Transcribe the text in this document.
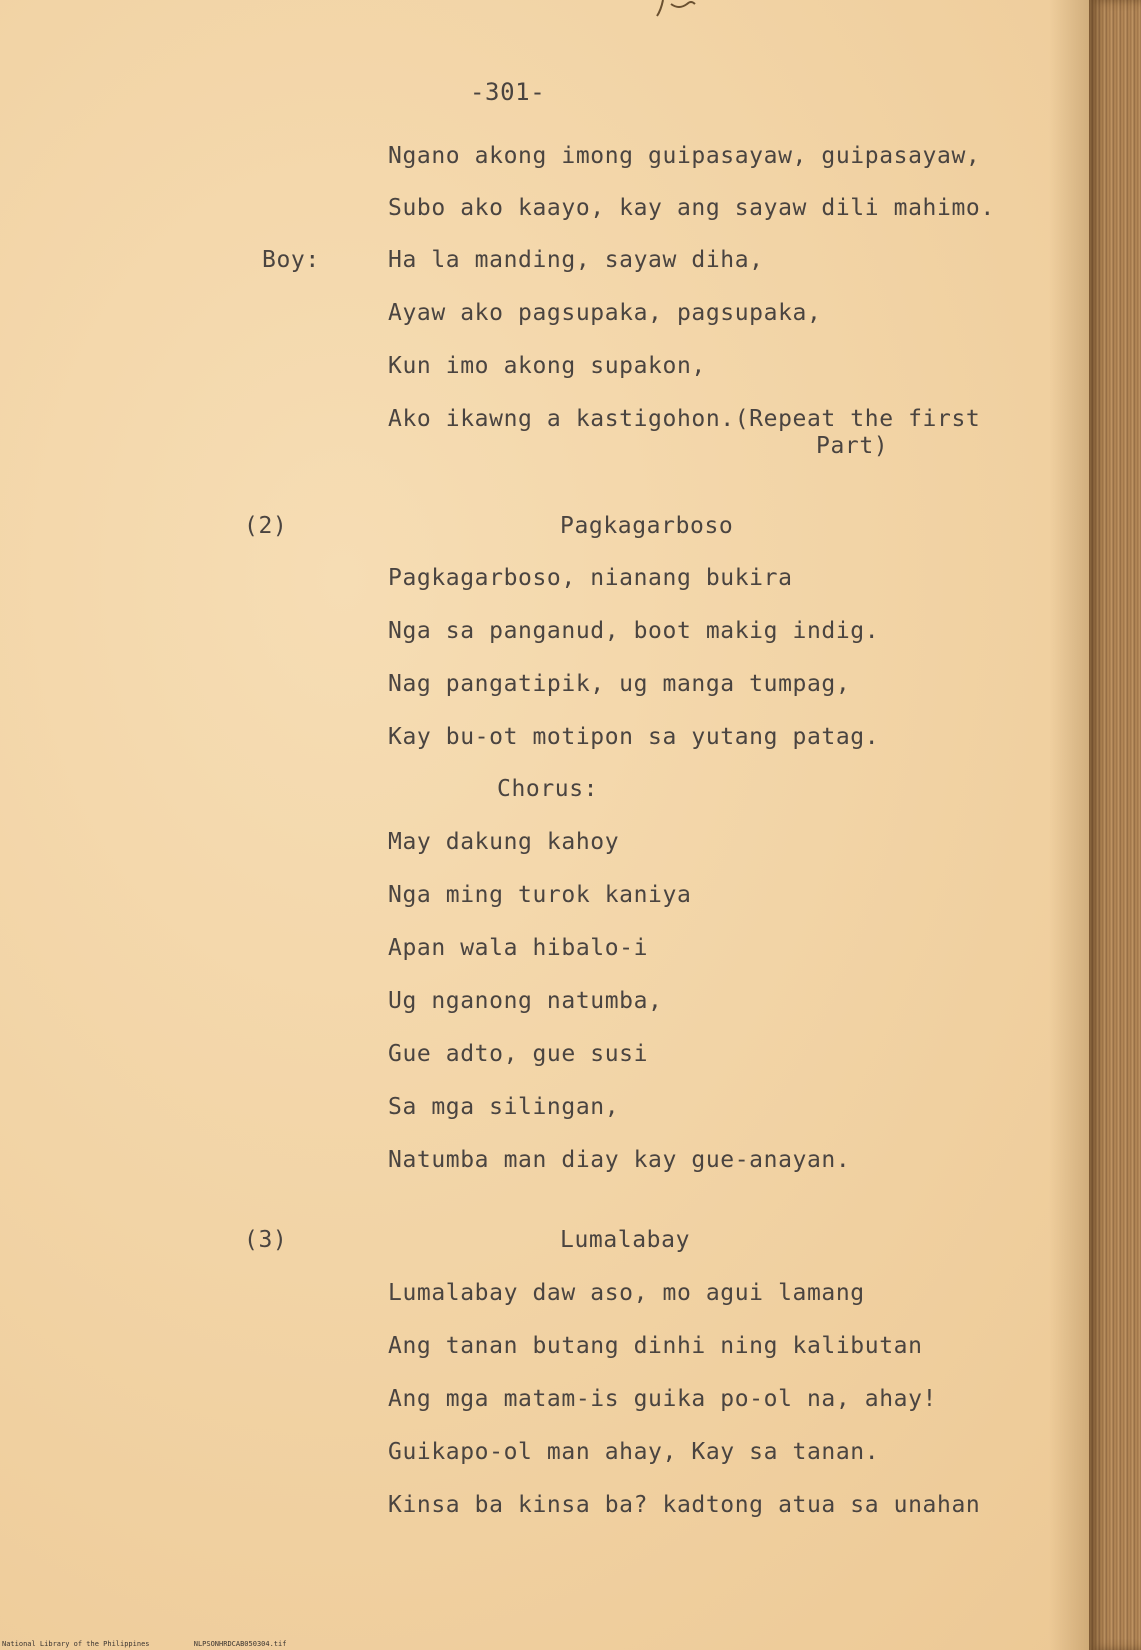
-301-
Ngano akong imong guipasayaw, guipasayaw,
Subo ako kaayo, kay ang sayaw dili mahimo.
Boy:	Ha la manding, sayaw diha,
Ayaw ako pagsupaka, pagsupaka,
Kun imo akong supakon,
Ako ikawng a kastigohon.(Repeat the first
Part)
(2)	Pagkagarboso
Pagkagarboso, nianang bukira
Nga sa panganud, boot makig indig.
Nag pangatipik, ug manga tumpag,
Kay bu-ot motipon sa yutang patag.
Chorus:
May dakung kahoy
Nga ming turok kaniya
Apan wala hibalo-i
Ug nganong natumba,
Gue adto, gue susi
Sa mga silingan,
Natumba man diay kay gue-anayan.
(3)	Lumalabay
Lumalabay daw aso, mo agui lamang
Ang tanan butang dinhi ning kalibutan
Ang mga matam-is guika po-ol na, ahay!
Guikapo-ol man ahay, Kay sa tanan.
Kinsa ba kinsa ba? kadtong atua sa unahan
National Library of the Philippines	NLPSONHRDCAB050304.tif
